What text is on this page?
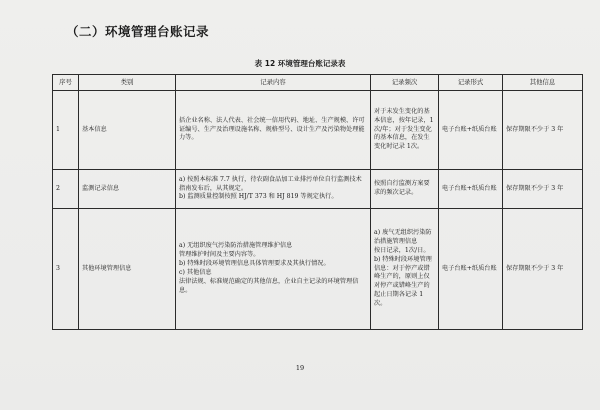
（二）环境管理台账记录
表 12 环境管理台账记录表
序号	类别	记录内容	记录频次	记录形式	其他信息
1	基本信息	括企业名称、法人代表、社会统一信用代码、地址、生产规模、许可证编号、生产及治理设施名称、规格型号、设计生产及污染物处理能力等。	对于未发生变化的基本信息，按年记录，1次/年；对于发生变化的基本信息，在发生变化时记录 1次。	电子台账+纸质台账	保存期限不少于 3 年
2	监测记录信息	a) 按照本标准 7.7 执行，待农副食品加工业排污单位自行监测技术指南发布后，从其规定。
b) 监测质量控制按照 HJ/T 373 和 HJ 819 等规定执行。	按照自行监测方案要求的频次记录。	电子台账+纸质台账	保存期限不少于 3 年
3	其他环境管理信息	a) 无组织废气污染防治措施管理维护信息
管理维护时间及主要内容等。
b) 特殊时段环境管理信息具体管理要求及其执行情况。
c) 其他信息
法律法规、标准规范确定的其他信息，企业自主记录的环境管理信息。	a) 废气无组织污染防治措施管理信息
按日记录，1次/日。
b) 特殊时段环境管理信息：对于停产或错峰生产的，原则上仅对停产或错峰生产的起止日期各记录 1次。	电子台账+纸质台账	保存期限不少于 3 年
19
